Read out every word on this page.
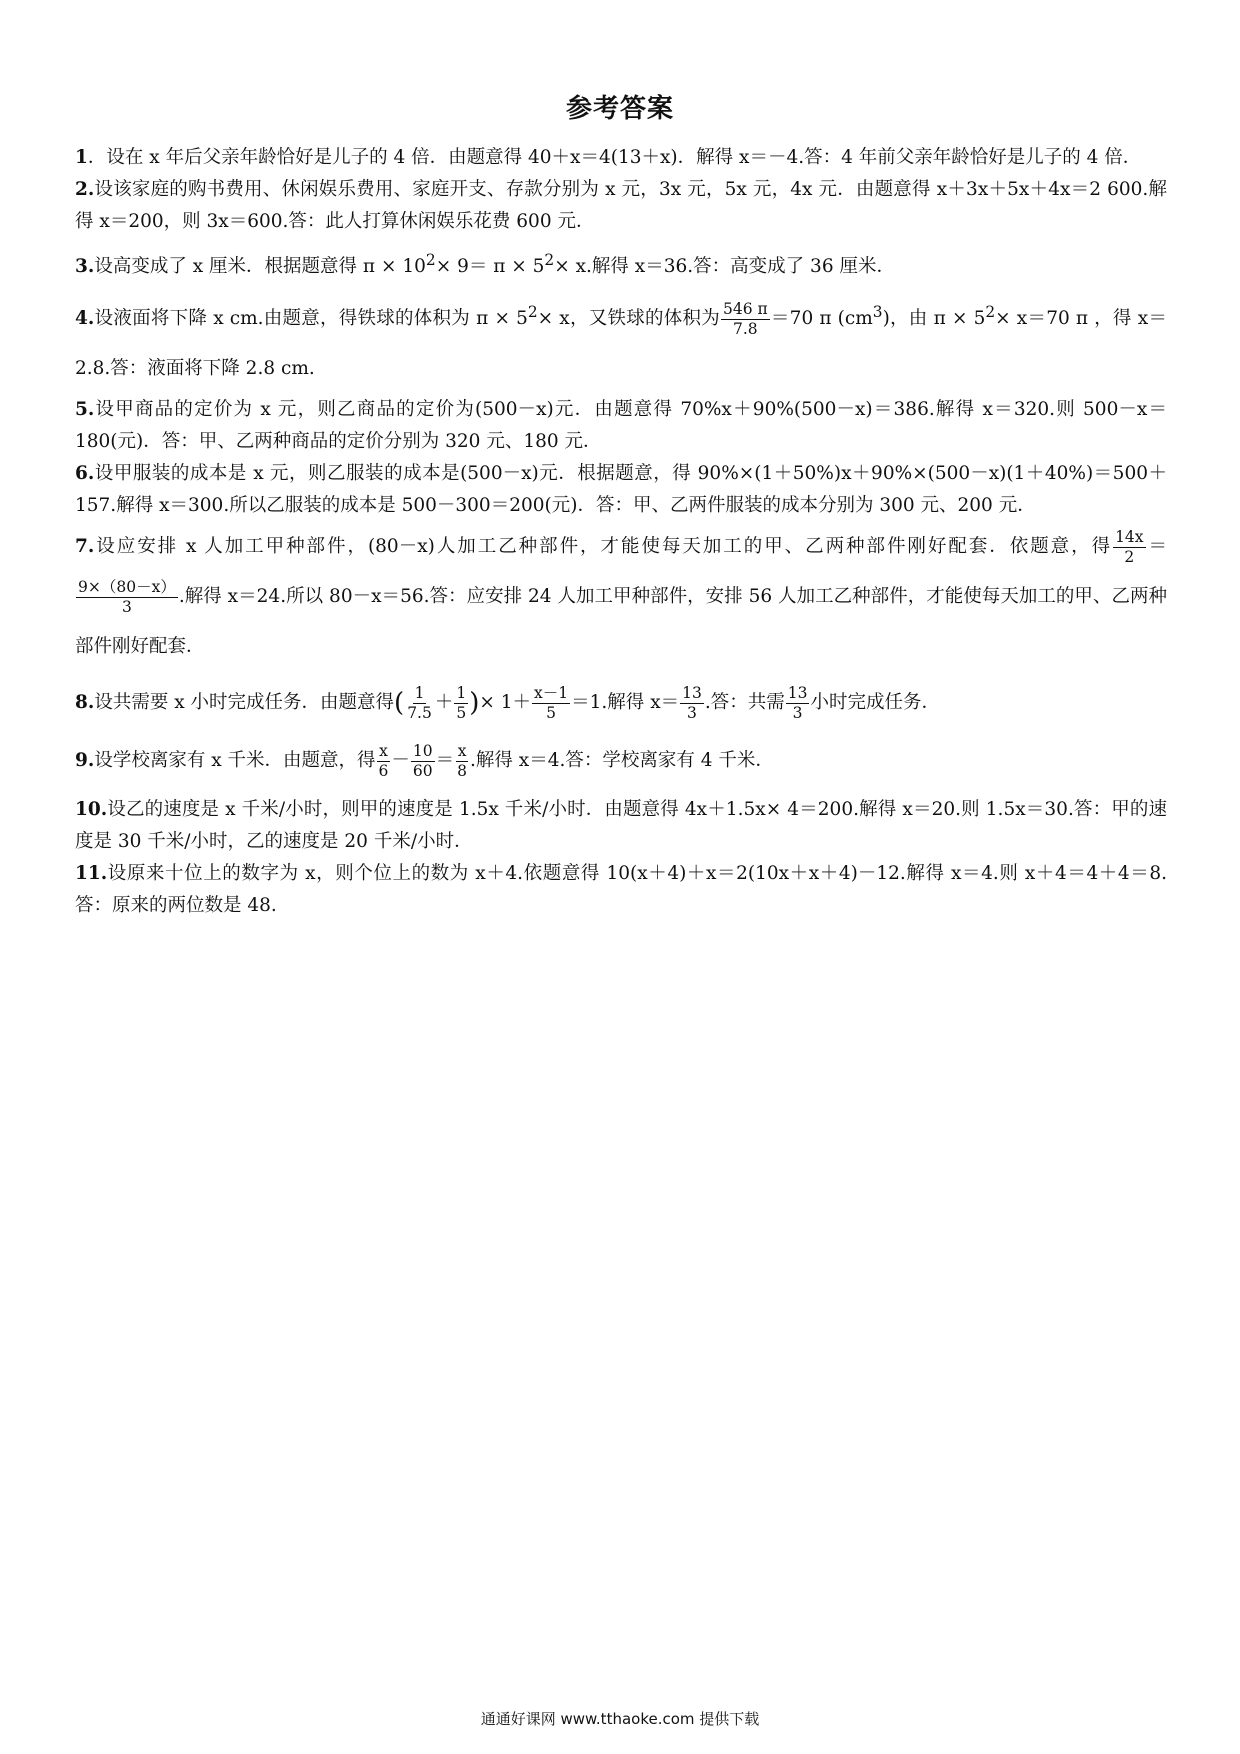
参考答案

1．设在 x 年后父亲年龄恰好是儿子的 4 倍．由题意得 40＋x＝4(13＋x)．解得 x＝－4.答：4 年前父亲年龄恰好是儿子的 4 倍．

2.设该家庭的购书费用、休闲娱乐费用、家庭开支、存款分别为 x 元，3x 元，5x 元，4x 元．由题意得 x＋3x＋5x＋4x＝2 600.解得 x＝200，则 3x＝600.答：此人打算休闲娱乐花费 600 元．

3.设高变成了 x 厘米．根据题意得 $\pi \times 10^2\times 9= \pi \times 5^2\times x$.解得 x＝36.答：高变成了 36 厘米．

4.设液面将下降 x cm.由题意，得铁球的体积为 $\pi \times 5^2\times x$，又铁球的体积为 $\frac{546 \pi}{7.8} =70$ π $(cm^3)$，由 $\pi \times 5^2\times x=70$ π ，得 x＝2.8.答：液面将下降 2.8 cm.

5.设甲商品的定价为 x 元，则乙商品的定价为(500－x)元．由题意得 70%x＋90%(500－x)＝386.解得 x＝320.则 500－x＝180(元)．答：甲、乙两种商品的定价分别为 320 元、180 元．

6.设甲服装的成本是 x 元，则乙服装的成本是(500－x)元．根据题意，得 90%×(1＋50%)x＋90%×(500－x)(1＋40%)＝500＋157.解得 x＝300.所以乙服装的成本是 500－300＝200(元)．答：甲、乙两件服装的成本分别为 300 元、200 元．

7.设应安排 x 人加工甲种部件，(80－x)人加工乙种部件，才能使每天加工的甲、乙两种部件刚好配套．依题意，得 $\frac{14x}{2}$ ＝
$\frac{9\times(80-x)}{3}$ .解得 x＝24.所以 80－x＝56.答：应安排 24 人加工甲种部件，安排 56 人加工乙种部件，才能使每天加工的甲、乙两种部件刚好配套．

8.设共需要 x 小时完成任务．由题意得( $\frac{1}{7.5} + \frac{1}{5}$ )× $1+ \frac{x-1}{5} =1$.解得 $x= \frac{13}{3}$ .答：共需 $\frac{13}{3}$ 小时完成任务．

9.设学校离家有 x 千米．由题意，得 $\frac{x}{6} - \frac{10}{60} = \frac{x}{8}$ .解得 x＝4.答：学校离家有 4 千米．

10.设乙的速度是 x 千米/小时，则甲的速度是 1.5x 千米/小时．由题意得 4x＋1.5x× 4＝200.解得 x＝20.则 1.5x＝30.答：甲的速度是 30 千米/小时，乙的速度是 20 千米/小时．

11.设原来十位上的数字为 x，则个位上的数为 x＋4.依题意得 10(x＋4)＋x＝2(10x＋x＋4)－12.解得 x＝4.则 x＋4＝4＋4＝8.答：原来的两位数是 48.

通通好课网 www.tthaoke.com 提供下载
